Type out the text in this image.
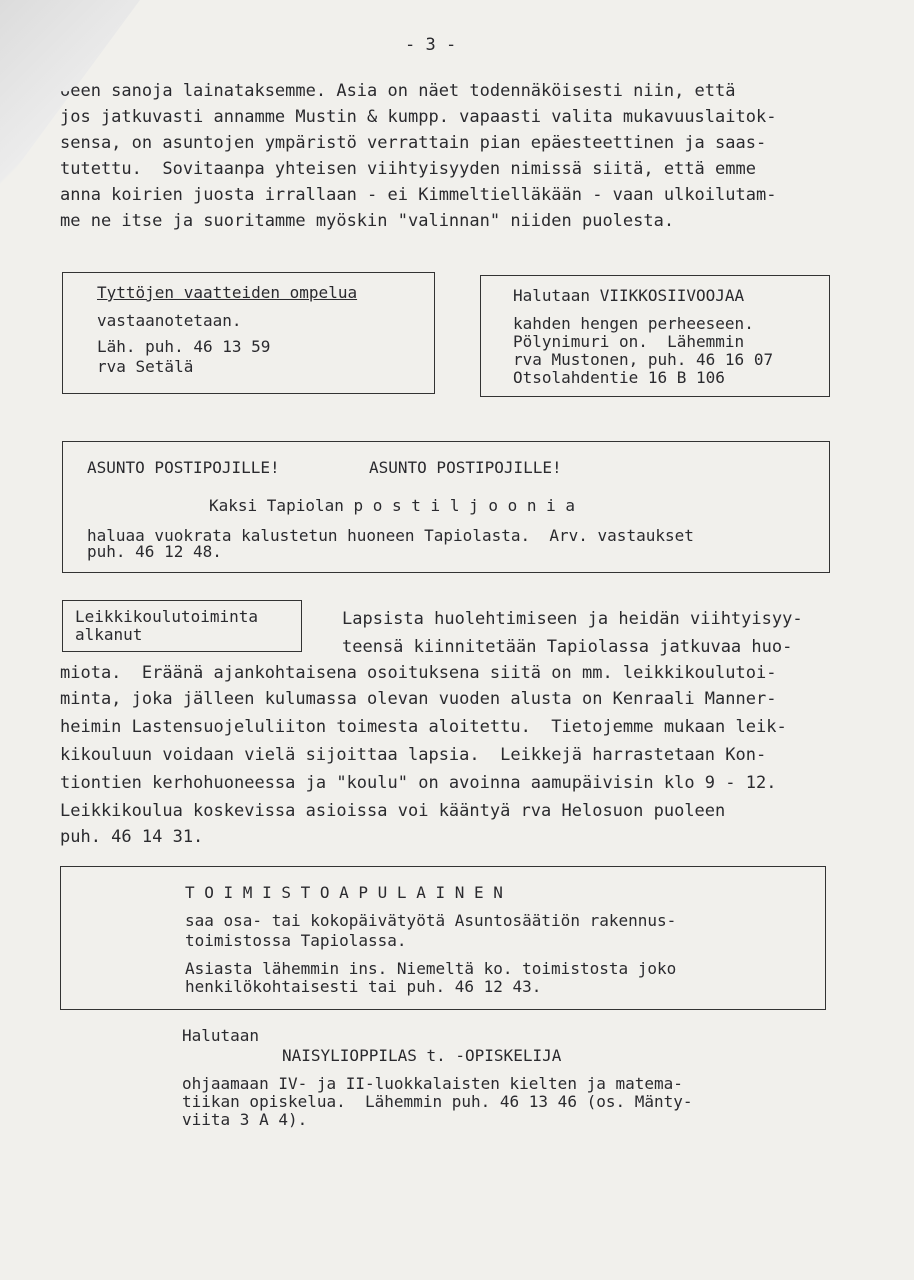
- 3 -
ᴗeen sanoja lainataksemme. Asia on näet todennäköisesti niin, että
jos jatkuvasti annamme Mustin & kumpp. vapaasti valita mukavuuslaitok-
sensa, on asuntojen ympäristö verrattain pian epäesteettinen ja saas-
tutettu.  Sovitaanpa yhteisen viihtyisyyden nimissä siitä, että emme
anna koirien juosta irrallaan - ei Kimmeltielläkään - vaan ulkoilutam-
me ne itse ja suoritamme myöskin "valinnan" niiden puolesta.
Tyttöjen vaatteiden ompelua
vastaanotetaan.
Läh. puh. 46 13 59
rva Setälä
Halutaan VIIKKOSIIVOOJAA
kahden hengen perheeseen.
Pölynimuri on.  Lähemmin
rva Mustonen, puh. 46 16 07
Otsolahdentie 16 B 106
ASUNTO POSTIPOJILLE!	ASUNTO POSTIPOJILLE!
Kaksi Tapiolan p o s t i l j o o n i a
haluaa vuokrata kalustetun huoneen Tapiolasta.  Arv. vastaukset
puh. 46 12 48.
Leikkikoulutoiminta
alkanut
Lapsista huolehtimiseen ja heidän viihtyisyy-
teensä kiinnitetään Tapiolassa jatkuvaa huo-
miota.  Eräänä ajankohtaisena osoituksena siitä on mm. leikkikoulutoi-
minta, joka jälleen kulumassa olevan vuoden alusta on Kenraali Manner-
heimin Lastensuojeluliiton toimesta aloitettu.  Tietojemme mukaan leik-
kikouluun voidaan vielä sijoittaa lapsia.  Leikkejä harrastetaan Kon-
tiontien kerhohuoneessa ja "koulu" on avoinna aamupäivisin klo 9 - 12.
Leikkikoulua koskevissa asioissa voi kääntyä rva Helosuon puoleen
puh. 46 14 31.
T O I M I S T O A P U L A I N E N
saa osa- tai kokopäivätyötä Asuntosäätiön rakennus-
toimistossa Tapiolassa.
Asiasta lähemmin ins. Niemeltä ko. toimistosta joko
henkilökohtaisesti tai puh. 46 12 43.
Halutaan
NAISYLIOPPILAS t. -OPISKELIJA
ohjaamaan IV- ja II-luokkalaisten kielten ja matema-
tiikan opiskelua.  Lähemmin puh. 46 13 46 (os. Mänty-
viita 3 A 4).
